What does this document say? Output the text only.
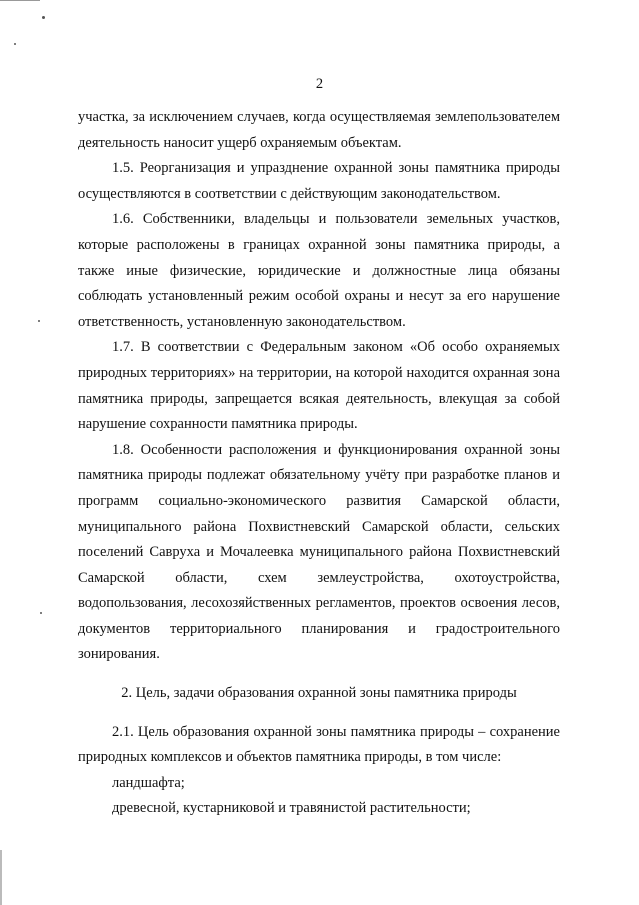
2

участка, за исключением случаев, когда осуществляемая землепользователем деятельность наносит ущерб охраняемым объектам.

1.5. Реорганизация и упразднение охранной зоны памятника природы осуществляются в соответствии с действующим законодательством.

1.6. Собственники, владельцы и пользователи земельных участков, которые расположены в границах охранной зоны памятника природы, а также иные физические, юридические и должностные лица обязаны соблюдать установленный режим особой охраны и несут за его нарушение ответственность, установленную законодательством.

1.7. В соответствии с Федеральным законом «Об особо охраняемых природных территориях» на территории, на которой находится охранная зона памятника природы, запрещается всякая деятельность, влекущая за собой нарушение сохранности памятника природы.

1.8. Особенности расположения и функционирования охранной зоны памятника природы подлежат обязательному учёту при разработке планов и программ социально-экономического развития Самарской области, муниципального района Похвистневский Самарской области, сельских поселений Савруха и Мочалеевка муниципального района Похвистневский Самарской области, схем землеустройства, охотоустройства, водопользования, лесохозяйственных регламентов, проектов освоения лесов, документов территориального планирования и градостроительного зонирования.

2. Цель, задачи образования охранной зоны памятника природы

2.1. Цель образования охранной зоны памятника природы – сохранение природных комплексов и объектов памятника природы, в том числе:

ландшафта;

древесной, кустарниковой и травянистой растительности;
